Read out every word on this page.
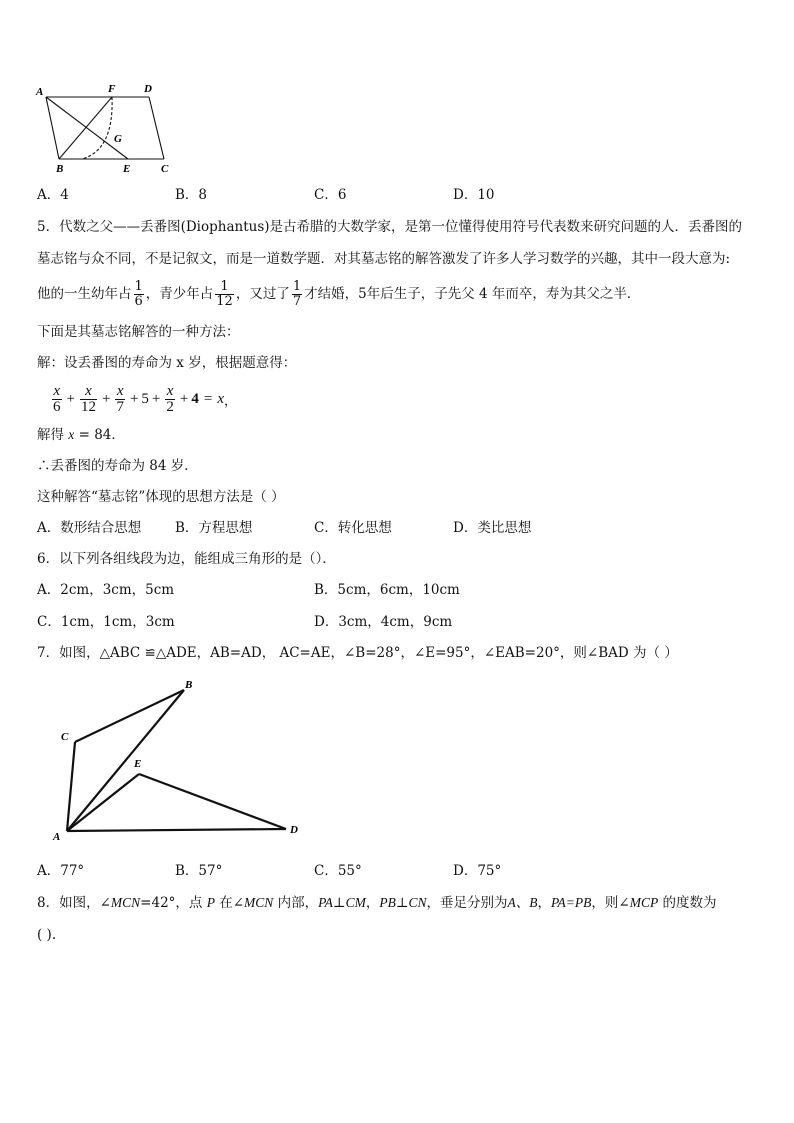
A	F	D
G
B	E	C
A．4	B．8	C．6	D．10
5．代数之父——丢番图(Diophantus)是古希腊的大数学家，是第一位懂得使用符号代表数来研究问题的人．丢番图的
墓志铭与众不同，不是记叙文，而是一道数学题．对其墓志铭的解答激发了许多人学习数学的兴趣，其中一段大意为:
他的一生幼年占 $\frac{1}{6}$ ，青少年占 $\frac{1}{12}$ ，又过了 $\frac{1}{7}$ 才结婚，5年后生子，子先父 4 年而卒，寿为其父之半．
下面是其墓志铭解答的一种方法：
解：设丢番图的寿命为 x 岁，根据题意得：
$\frac{x}{6} + \frac{x}{12} + \frac{x}{7} + 5 + \frac{x}{2} + 4 = x$ ，
解得 x = 84．
∴丢番图的寿命为 84 岁．
这种解答“墓志铭”体现的思想方法是（ ）
A．数形结合思想	B．方程思想	C．转化思想	D．类比思想
6．以下列各组线段为边，能组成三角形的是（）．
A．2cm，3cm，5cm	B．5cm，6cm，10cm
C．1cm，1cm，3cm	D．3cm，4cm，9cm
7．如图，△ABC ≌△ADE，AB=AD， AC=AE，∠B=28°，∠E=95°，∠EAB=20°，则∠BAD 为（ ）
B
C
E
A
D
A．77°	B．57°	C．55°	D．75°
8．如图，∠MCN=42°，点 P 在∠MCN 内部，PA⊥CM，PB⊥CN，垂足分别为A、B，PA=PB，则∠MCP 的度数为
( ).
